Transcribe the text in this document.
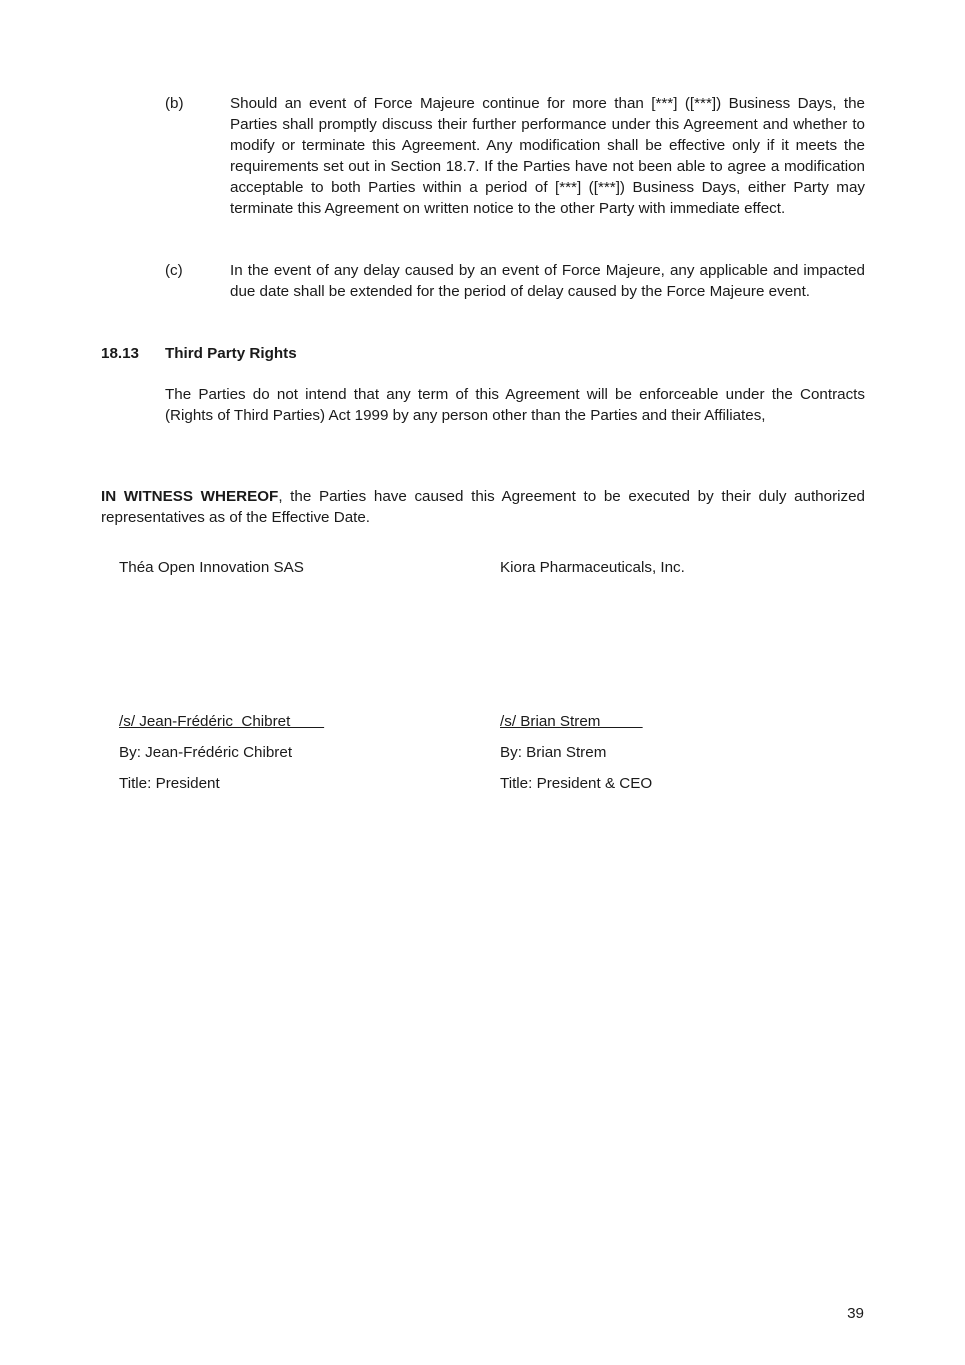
(b)	Should an event of Force Majeure continue for more than [***] ([***]) Business Days, the Parties shall promptly discuss their further performance under this Agreement and whether to modify or terminate this Agreement. Any modification shall be effective only if it meets the requirements set out in Section 18.7. If the Parties have not been able to agree a modification acceptable to both Parties within a period of [***] ([***]) Business Days, either Party may terminate this Agreement on written notice to the other Party with immediate effect.
(c)	In the event of any delay caused by an event of Force Majeure, any applicable and impacted due date shall be extended for the period of delay caused by the Force Majeure event.
18.13 Third Party Rights
The Parties do not intend that any term of this Agreement will be enforceable under the Contracts (Rights of Third Parties) Act 1999 by any person other than the Parties and their Affiliates,
IN WITNESS WHEREOF, the Parties have caused this Agreement to be executed by their duly authorized representatives as of the Effective Date.
Théa Open Innovation SAS
/s/ Jean-Frédéric  Chibret
By: Jean-Frédéric Chibret
Title: President
Kiora Pharmaceuticals, Inc.
/s/ Brian Strem
By: Brian Strem
Title: President & CEO
39
